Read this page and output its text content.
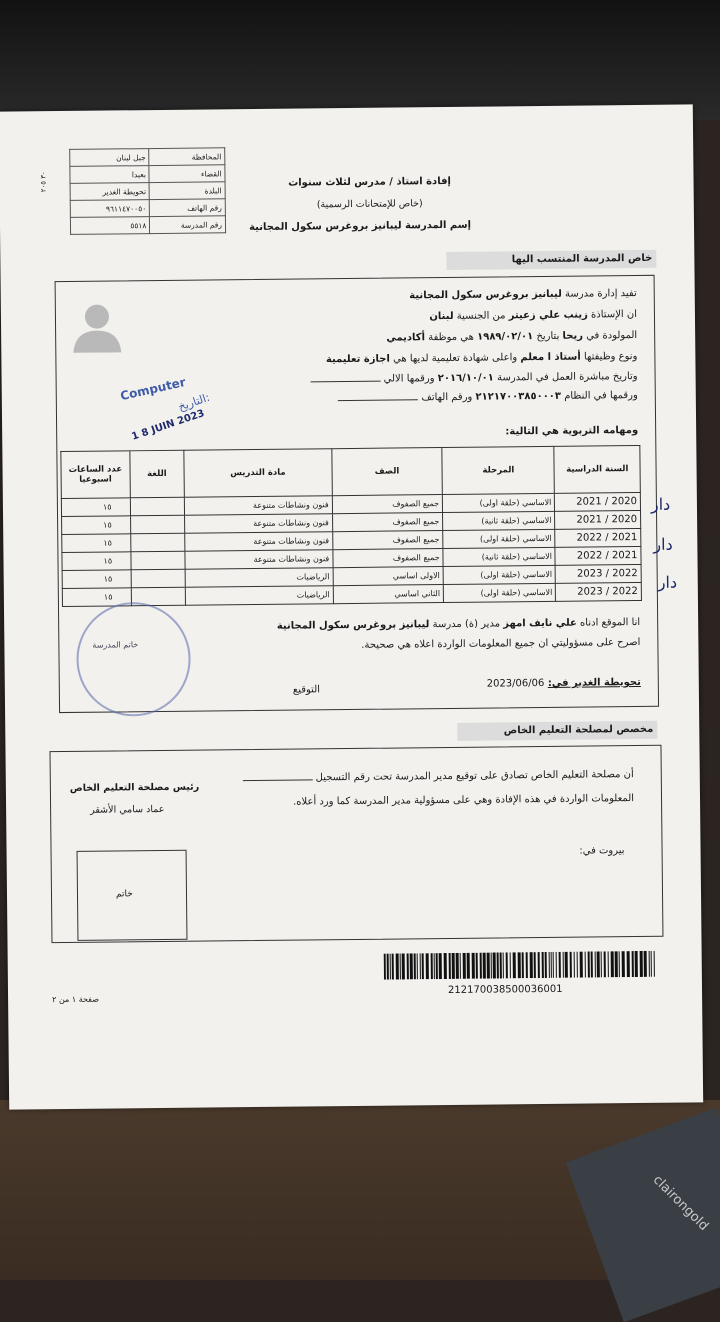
clairongold
٣٠ ٢٠٥
المحافظة	جبل لبنان
القضاء	بعبدا
البلدة	تحويطة الغدير
رقم الهاتف	٩٦١١٤٧٠٠٥٠
رقم المدرسة	٥٥١٨
إفادة استاذ / مدرس لثلاث سنوات
(خاص للإمتحانات الرسمية)
إسم المدرسة ليبانيز بروغرس سكول المجانية
خاص المدرسة المنتسب اليها
تفيد إدارة مدرسة ليبانيز بروغرس سكول المجانية
ان الإستاذة زينب علي زعيتر من الجنسية لبنان
المولودة في ريحا بتاريخ ١٩٨٩/٠٢/٠١ هي موظفة أكاديمي
ونوع وظيفتها أستاذ ا معلم واعلى شهادة تعليمية لديها هي اجازة تعليمية
وتاريخ مباشرة العمل في المدرسة ٢٠١٦/١٠/٠١ ورقمها الالي
ورقمها في النظام ٢١٢١٧٠٠٣٨٥٠٠٠٣ ورقم الهاتف
ومهامه التربوية هي التالية:
السنة الدراسية	المرحلة	الصف	مادة التدريس	اللغة	عدد الساعات اسبوعيا
2020 / 2021	الاساسي (حلقة اولى)	جميع الصفوف	فنون ونشاطات متنوعة		١٥
2020 / 2021	الاساسي (حلقة ثانية)	جميع الصفوف	فنون ونشاطات متنوعة		١٥
2021 / 2022	الاساسي (حلقة اولى)	جميع الصفوف	فنون ونشاطات متنوعة		١٥
2021 / 2022	الاساسي (حلقة ثانية)	جميع الصفوف	فنون ونشاطات متنوعة		١٥
2022 / 2023	الاساسي (حلقة اولى)	الاولى اساسي	الرياضيات		١٥
2022 / 2023	الاساسي (حلقة اولى)	الثاني اساسي	الرياضيات		١٥
خاتم المدرسة
انا الموقع ادناه علي نايف امهز مدير (ة) مدرسة ليبانيز بروغرس سكول المجانية
اصرح على مسؤوليتي ان جميع المعلومات الواردة اعلاه هي صحيحة.
تحويطة الغدير في: 2023/06/06
التوقيع
Computer
1 8 JUIN 2023
التاريخ:
دار
دار
دار
مخصص لمصلحة التعليم الخاص
أن مصلحة التعليم الخاص تصادق على توقيع مدير المدرسة تحت رقم التسجيل
المعلومات الواردة في هذه الإفادة وهي على مسؤولية مدير المدرسة كما ورد أعلاه.
رئيس مصلحة التعليم الخاص
عماد سامي الأشقر
بيروت في:
خاتم
212170038500036001
صفحة ١ من ٢
